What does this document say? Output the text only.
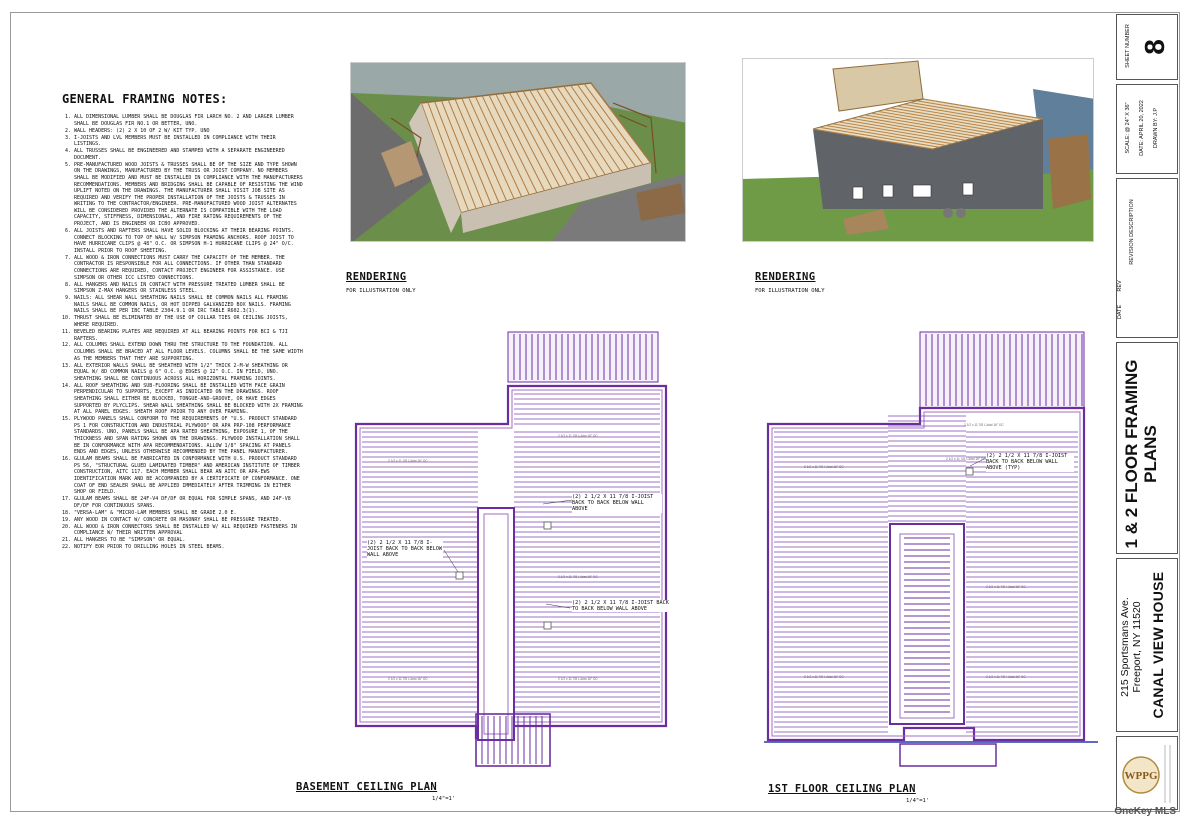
GENERAL FRAMING NOTES:
1. ALL DIMENSIONAL LUMBER SHALL BE DOUGLAS FIR LARCH NO. 2 AND LARGER LUMBER SHALL BE DOUGLAS FIR NO.1 OR BETTER, UNO.
2. WALL HEADERS: (2) 2 X 10 OF 2 W/ KIT TYP. UNO
3. I-JOISTS AND LVL MEMBERS MUST BE INSTALLED IN COMPLIANCE WITH THEIR LISTINGS.
4. ALL TRUSSES SHALL BE ENGINEERED AND STAMPED WITH A SEPARATE ENGINEERED DOCUMENT.
5. PRE-MANUFACTURED WOOD JOISTS & TRUSSES SHALL BE OF THE SIZE AND TYPE SHOWN ON THE DRAWINGS, MANUFACTURED BY THE TRUSS OR JOIST COMPANY. NO MEMBERS SHALL BE MODIFIED AND MUST BE INSTALLED IN COMPLIANCE WITH THE MANUFACTURERS RECOMMENDATIONS. MEMBERS AND BRIDGING SHALL BE CAPABLE OF RESISTING THE WIND UPLIFT NOTED ON THE DRAWINGS. THE MANUFACTURER SHALL VISIT JOB SITE AS REQUIRED AND VERIFY THE PROPER INSTALLATION OF THE JOISTS & TRUSSES IN WRITING TO THE CONTRACTOR/ENGINEER. PRE-MANUFACTURED WOOD JOIST ALTERNATES WILL BE CONSIDERED PROVIDED THE ALTERNATE IS COMPATIBLE WITH THE LOAD CAPACITY, STIFFNESS, DIMENSIONAL, AND FIRE RATING REQUIREMENTS OF THE PROJECT, AND IS ENGINEER OR ICBO APPROVED.
6. ALL JOISTS AND RAFTERS SHALL HAVE SOLID BLOCKING AT THEIR BEARING POINTS. CONNECT BLOCKING TO TOP OF WALL W/ SIMPSON FRAMING ANCHORS. ROOF JOIST TO HAVE HURRICANE CLIPS @ 48" O.C. OR SIMPSON H-1 HURRICANE CLIPS @ 24" O/C. INSTALL PRIOR TO ROOF SHEETING.
7. ALL WOOD & IRON CONNECTIONS MUST CARRY THE CAPACITY OF THE MEMBER. THE CONTRACTOR IS RESPONSIBLE FOR ALL CONNECTIONS. IF OTHER THAN STANDARD CONNECTIONS ARE REQUIRED, CONTACT PROJECT ENGINEER FOR ASSISTANCE. USE SIMPSON OR OTHER ICC LISTED CONNECTIONS.
8. ALL HANGERS AND NAILS IN CONTACT WITH PRESSURE TREATED LUMBER SHALL BE SIMPSON Z-MAX HANGERS OR STAINLESS STEEL.
9. NAILS: ALL SHEAR WALL SHEATHING NAILS SHALL BE COMMON NAILS ALL FRAMING NAILS SHALL BE COMMON NAILS, OR HOT DIPPED GALVANIZED BOX NAILS. FRAMING NAILS SHALL BE PER IBC TABLE 2304.9.1 OR IRC TABLE R602.3(1).
10. THRUST SHALL BE ELIMINATED BY THE USE OF COLLAR TIES OR CEILING JOISTS, WHERE REQUIRED.
11. BEVELED BEARING PLATES ARE REQUIRED AT ALL BEARING POINTS FOR BCI & TJI RAFTERS.
12. ALL COLUMNS SHALL EXTEND DOWN THRU THE STRUCTURE TO THE FOUNDATION. ALL COLUMNS SHALL BE BRACED AT ALL FLOOR LEVELS. COLUMNS SHALL BE THE SAME WIDTH AS THE MEMBERS THAT THEY ARE SUPPORTING.
13. ALL EXTERIOR WALLS SHALL BE SHEATHED WITH 1/2" THICK 2-M-W SHEATHING OR EQUAL W/ 8D COMMON NAILS @ 6" O.C. @ EDGES @ 12" O.C. IN FIELD, UNO. SHEATHING SHALL BE CONTINUOUS ACROSS ALL HORIZONTAL FRAMING JOINTS.
14. ALL ROOF SHEATHING AND SUB-FLOORING SHALL BE INSTALLED WITH FACE GRAIN PERPENDICULAR TO SUPPORTS, EXCEPT AS INDICATED ON THE DRAWINGS. ROOF SHEATHING SHALL EITHER BE BLOCKED, TONGUE-AND-GROOVE, OR HAVE EDGES SUPPORTED BY PLYCLIPS. SHEAR WALL SHEATHING SHALL BE BLOCKED WITH 2X FRAMING AT ALL PANEL EDGES. SHEATH ROOF PRIOR TO ANY OVER FRAMING.
15. PLYWOOD PANELS SHALL CONFORM TO THE REQUIREMENTS OF "U.S. PRODUCT STANDARD PS 1 FOR CONSTRUCTION AND INDUSTRIAL PLYWOOD" OR APA PRP-108 PERFORMANCE STANDARDS. UNO, PANELS SHALL BE APA RATED SHEATHING, EXPOSURE 1, OF THE THICKNESS AND SPAN RATING SHOWN ON THE DRAWINGS. PLYWOOD INSTALLATION SHALL BE IN CONFORMANCE WITH APA RECOMMENDATIONS. ALLOW 1/8" SPACING AT PANELS ENDS AND EDGES, UNLESS OTHERWISE RECOMMENDED BY THE PANEL MANUFACTURER.
16. GLULAM BEAMS SHALL BE FABRICATED IN CONFORMANCE WITH U.S. PRODUCT STANDARD PS 56, "STRUCTURAL GLUED LAMINATED TIMBER" AND AMERICAN INSTITUTE OF TIMBER CONSTRUCTION, AITC 117. EACH MEMBER SHALL BEAR AN AITC OR APA-EWS IDENTIFICATION MARK AND BE ACCOMPANIED BY A CERTIFICATE OF CONFORMANCE. ONE COAT OF END SEALER SHALL BE APPLIED IMMEDIATELY AFTER TRIMMING IN EITHER SHOP OR FIELD.
17. GLULAM BEAMS SHALL BE 24F-V4 DF/DF OR EQUAL FOR SIMPLE SPANS, AND 24F-V8 DF/DF FOR CONTINUOUS SPANS.
18. "VERSA-LAM" & "MICRO-LAM MEMBERS SHALL BE GRADE 2.0 E.
19. ANY WOOD IN CONTACT W/ CONCRETE OR MASONRY SHALL BE PRESSURE TREATED.
20. ALL WOOD & IRON CONNECTORS SHALL BE INSTALLED W/ ALL REQUIRED FASTENERS IN COMPLIANCE W/ THEIR WRITTEN APPROVAL
21. ALL HANGERS TO BE "SIMPSON" OR EQUAL.
22. NOTIFY EOR PRIOR TO DRILLING HOLES IN STEEL BEAMS.
RENDERING
FOR ILLUSTRATION ONLY
RENDERING
FOR ILLUSTRATION ONLY
2 1/2 x 11 7/8 I-Joist 16" OC
2 1/2 x 11 7/8 I-Joist 16" OC
2 1/2 x 11 7/8 I-Joist 16" OC
2 1/2 x 11 7/8 I-Joist 16" OC	2 1/2 x 11 7/8 I-Joist 16" OC
(2) 2 1/2 X 11 7/8 I-JOIST BACK TO BACK BELOW WALL ABOVE
(2) 2 1/2 X 11 7/8 I-JOIST BACK TO BACK BELOW WALL ABOVE
(2) 2 1/2 X 11 7/8 I-JOIST BACK TO BACK BELOW WALL ABOVE
BASEMENT CEILING PLAN
1/4"=1'
2 1/2 x 11 7/8 I-Joist 16" OC
2 1/2 x 11 7/8 I-Joist 16" OC
2 1/2 x 11 7/8 I-Joist 16" OC
2 1/2 x 11 7/8 I-Joist 16" OC
2 1/2 x 11 7/8 I-Joist 16" OC	2 1/2 x 11 7/8 I-Joist 16" OC
(2) 2 1/2 X 11 7/8 I-JOIST BACK TO BACK BELOW WALL ABOVE (TYP)
1ST FLOOR CEILING PLAN
1/4"=1'
SHEET NUMBER 8
SCALE: @ 24" X 36" DATE: APRIL 20, 2022 DRAWN BY: J.P
REVISION DESCRIPTION
DATE
REV
1 & 2 FLOOR FRAMING PLANS
215 Sportsmans Ave. Freeport, NY 11520 CANAL VIEW HOUSE
WPPG
OneKey MLS
